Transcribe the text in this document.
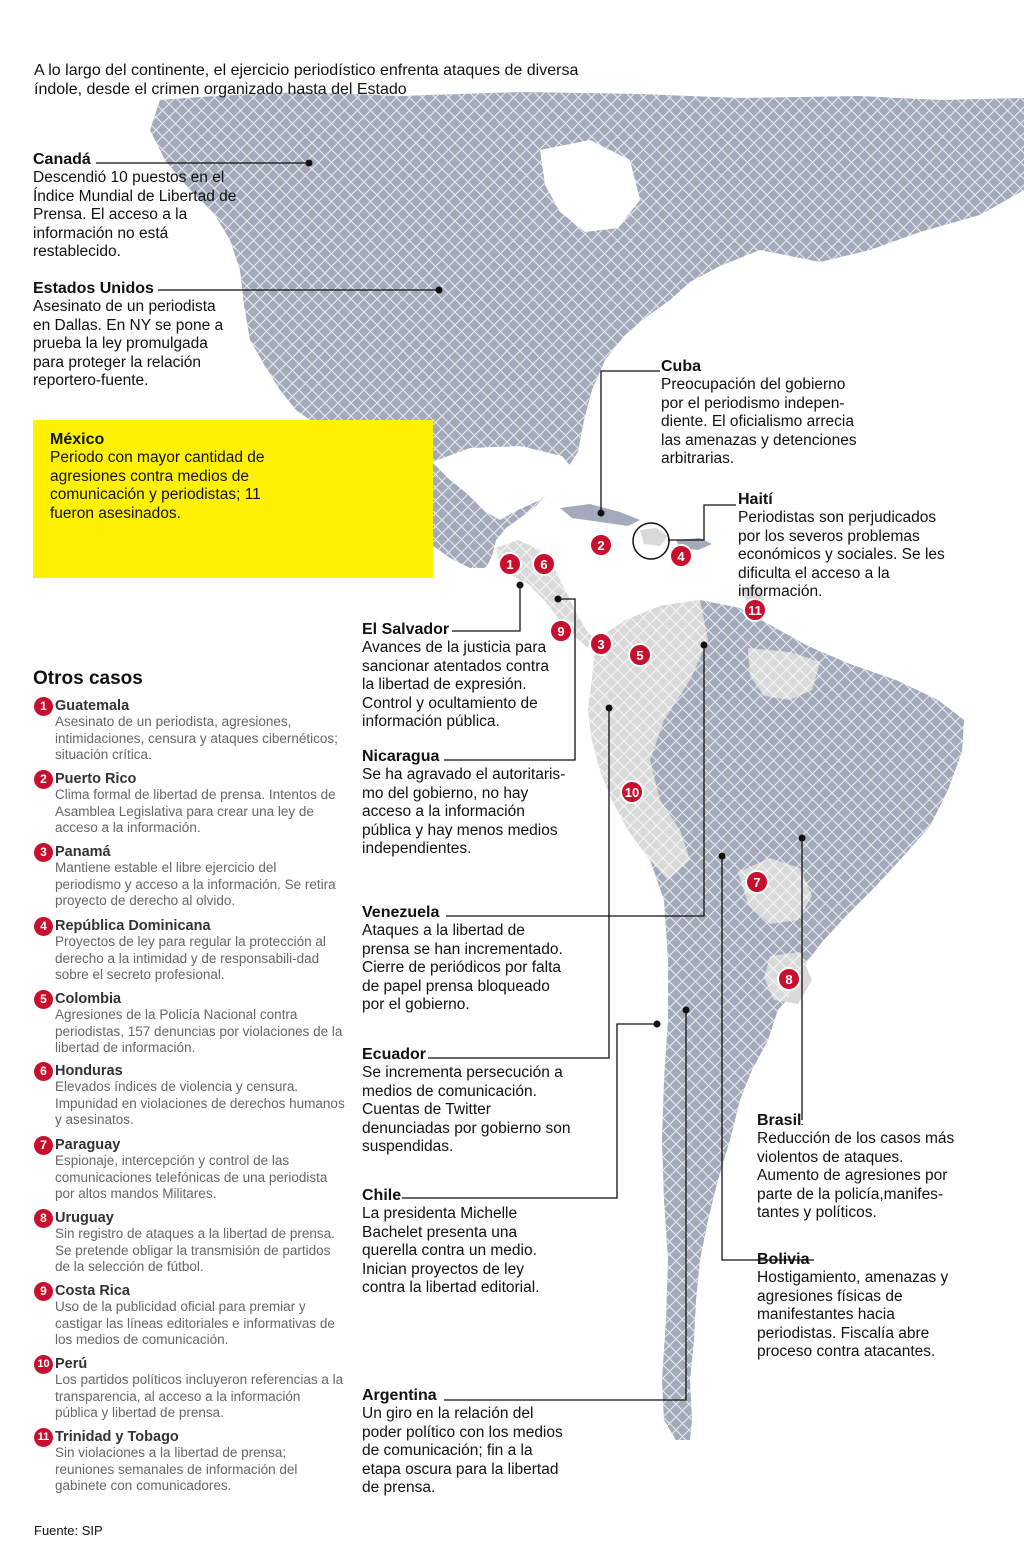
1 6
2
4
11
9
3
5
10
7
8
A lo largo del continente, el ejercicio periodístico enfrenta ataques de diversa índole, desde el crimen organizado hasta del Estado
Canadá
Descendió 10 puestos en el Índice Mundial de Libertad de Prensa. El acceso a la información no está restablecido.
Estados Unidos
Asesinato de un periodista en Dallas. En NY se pone a prueba la ley promulgada para proteger la relación reportero-fuente.
México
Periodo con mayor cantidad de agresiones contra medios de comunicación y periodistas; 11 fueron asesinados.
Cuba
Preocupación del gobierno por el periodismo indepen-diente. El oficialismo arrecia las amenazas y detenciones arbitrarias.
Haití
Periodistas son perjudicados por los severos problemas económicos y sociales. Se les dificulta el acceso a la información.
El Salvador
Avances de la justicia para sancionar atentados contra la libertad de expresión. Control y ocultamiento de información pública.
Nicaragua
Se ha agravado el autoritaris-mo del gobierno, no hay acceso a la información pública y hay menos medios independientes.
Venezuela
Ataques a la libertad de prensa se han incrementado. Cierre de periódicos por falta de papel prensa bloqueado por el gobierno.
Ecuador
Se incrementa persecución a medios de comunicación. Cuentas de Twitter denunciadas por gobierno son suspendidas.
Chile
La presidenta Michelle Bachelet presenta una querella contra un medio. Inician proyectos de ley contra la libertad editorial.
Argentina
Un giro en la relación del poder político con los medios de comunicación; fin a la etapa oscura para la libertad de prensa.
Brasil
Reducción de los casos más violentos de ataques. Aumento de agresiones por parte de la policía,manifes-tantes y políticos.
Bolivia
Hostigamiento, amenazas y agresiones físicas de manifestantes hacia periodistas. Fiscalía abre proceso contra atacantes.
Otros casos
1 Guatemala
Asesinato de un periodista, agresiones, intimidaciones, censura y ataques cibernéticos; situación crítica.
2 Puerto Rico
Clima formal de libertad de prensa. Intentos de Asamblea Legislativa para crear una ley de acceso a la información.
3 Panamá
Mantiene estable el libre ejercicio del periodismo y acceso a la información. Se retira proyecto de derecho al olvido.
4 República Dominicana
Proyectos de ley para regular la protección al derecho a la intimidad y de responsabili-dad sobre el secreto profesional.
5 Colombia
Agresiones de la Policía Nacional contra periodistas, 157 denuncias por violaciones de la libertad de información.
6 Honduras
Elevados índices de violencia y censura. Impunidad en violaciones de derechos humanos y asesinatos.
7 Paraguay
Espionaje, intercepción y control de las comunicaciones telefónicas de una periodista por altos mandos Militares.
8 Uruguay
Sin registro de ataques a la libertad de prensa. Se pretende obligar la transmisión de partidos de la selección de fútbol.
9 Costa Rica
Uso de la publicidad oficial para premiar y castigar las líneas editoriales e informativas de los medios de comunicación.
10 Perú
Los partidos políticos incluyeron referencias a la transparencia, al acceso a la información pública y libertad de prensa.
11 Trinidad y Tobago
Sin violaciones a la libertad de prensa; reuniones semanales de información del gabinete con comunicadores.
Fuente: SIP
